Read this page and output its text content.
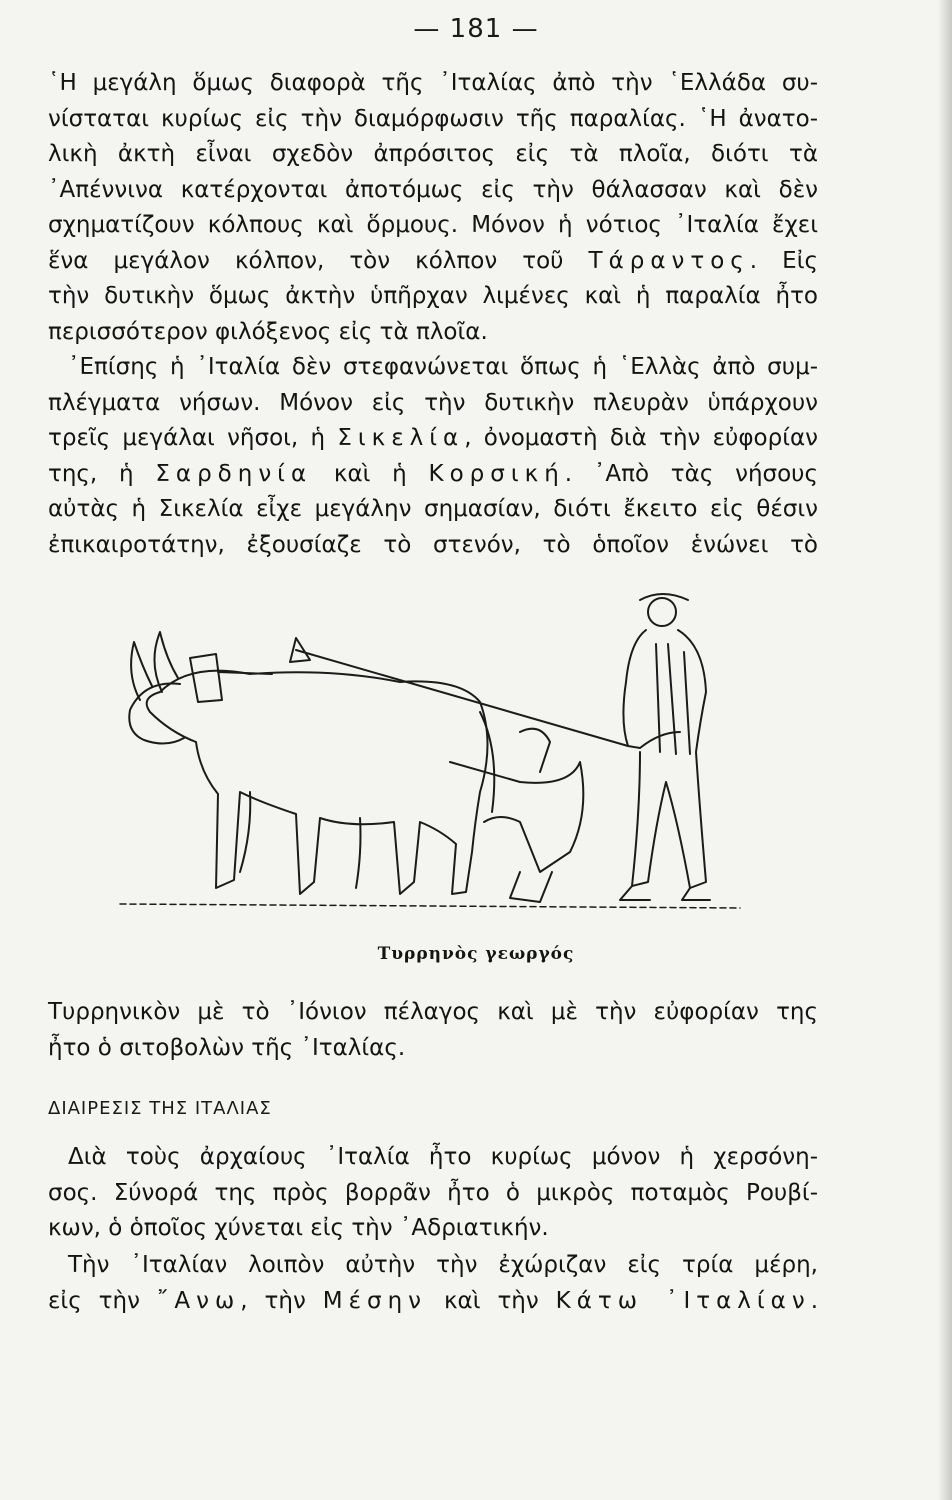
— 181 —
῾Η μεγάλη ὅμως διαφορὰ τῆς ᾿Ιταλίας ἀπὸ τὴν ῾Ελλάδα συ-
νίσταται κυρίως εἰς τὴν διαμόρφωσιν τῆς παραλίας. ῾Η ἀνατο-
λικὴ ἀκτὴ εἶναι σχεδὸν ἀπρόσιτος εἰς τὰ πλοῖα, διότι τὰ
᾿Απέννινα κατέρχονται ἀποτόμως εἰς τὴν θάλασσαν καὶ δὲν
σχηματίζουν κόλπους καὶ ὅρμους. Μόνον ἡ νότιος ᾿Ιταλία ἔχει
ἕνα μεγάλον κόλπον, τὸν κόλπον τοῦ Τάραντος. Εἰς
τὴν δυτικὴν ὅμως ἀκτὴν ὑπῆρχαν λιμένες καὶ ἡ παραλία ἦτο
περισσότερον φιλόξενος εἰς τὰ πλοῖα.
᾿Επίσης ἡ ᾿Ιταλία δὲν στεφανώνεται ὅπως ἡ ῾Ελλὰς ἀπὸ συμ-
πλέγματα νήσων. Μόνον εἰς τὴν δυτικὴν πλευρὰν ὑπάρχουν
τρεῖς μεγάλαι νῆσοι, ἡ Σικελία, ὀνομαστὴ διὰ τὴν εὐφορίαν
της, ἡ Σαρδηνία καὶ ἡ Κορσική. ᾿Απὸ τὰς νήσους
αὐτὰς ἡ Σικελία εἶχε μεγάλην σημασίαν, διότι ἔκειτο εἰς θέσιν
ἐπικαιροτάτην, ἐξουσίαζε τὸ στενόν, τὸ ὁποῖον ἑνώνει τὸ
Τυρρηνὸς γεωργός
Τυρρηνικὸν μὲ τὸ ᾿Ιόνιον πέλαγος καὶ μὲ τὴν εὐφορίαν της
ἦτο ὁ σιτοβολὼν τῆς ᾿Ιταλίας.
ΔΙΑΙΡΕΣΙΣ ΤΗΣ ΙΤΑΛΙΑΣ
Διὰ τοὺς ἀρχαίους ᾿Ιταλία ἦτο κυρίως μόνον ἡ χερσόνη-
σος. Σύνορά της πρὸς βορρᾶν ἦτο ὁ μικρὸς ποταμὸς Ρουβί-
κων, ὁ ὁποῖος χύνεται εἰς τὴν ᾿Αδριατικήν.
Τὴν ᾿Ιταλίαν λοιπὸν αὐτὴν τὴν ἐχώριζαν εἰς τρία μέρη,
εἰς τὴν ῎Ανω, τὴν Μέσην καὶ τὴν Κάτω ᾿Ιταλίαν.
